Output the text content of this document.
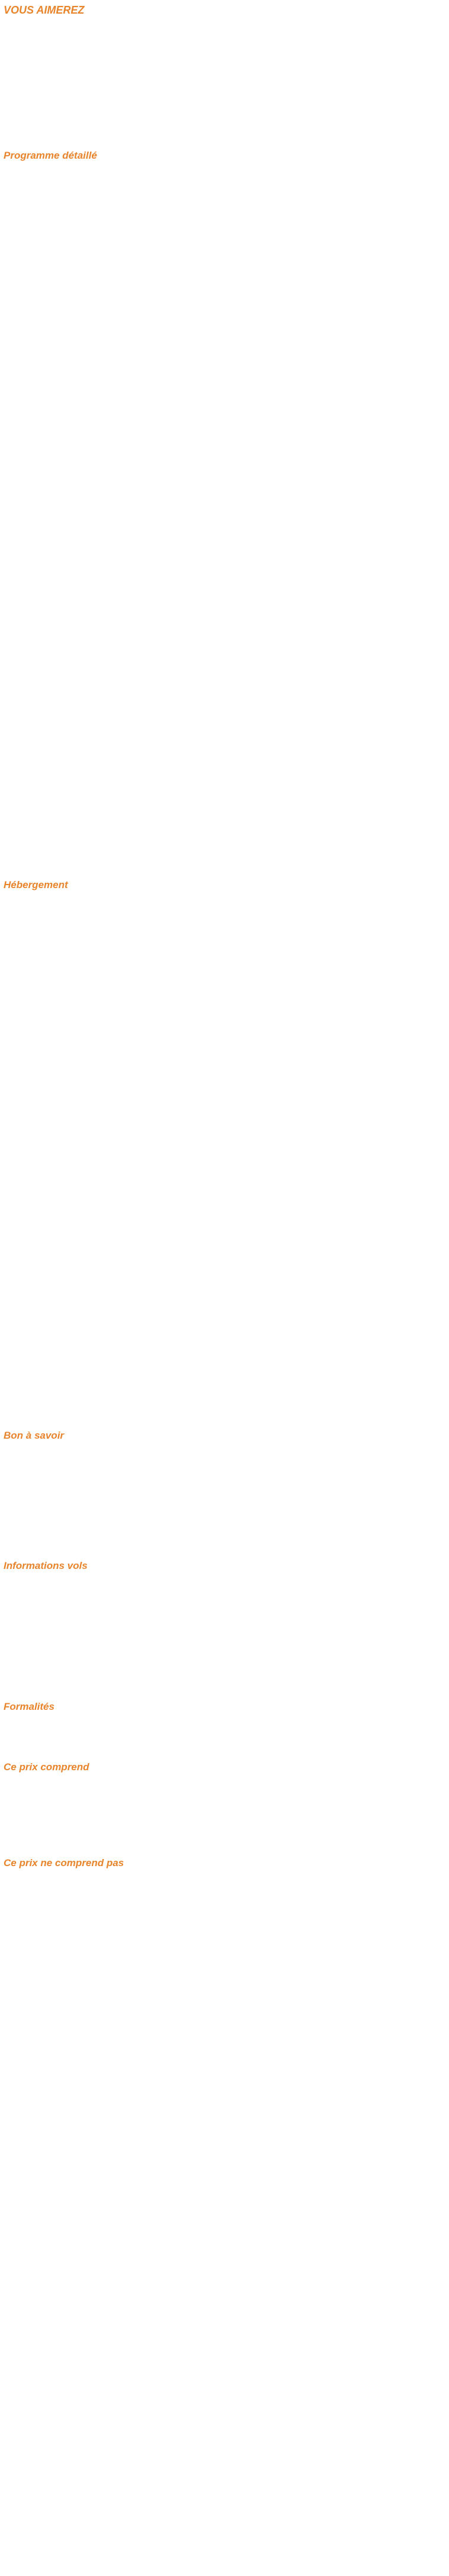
VOUS AIMEREZ

Programme détaillé

Hébergement

Bon à savoir

Informations vols

Formalités

Ce prix comprend

Ce prix ne comprend pas
